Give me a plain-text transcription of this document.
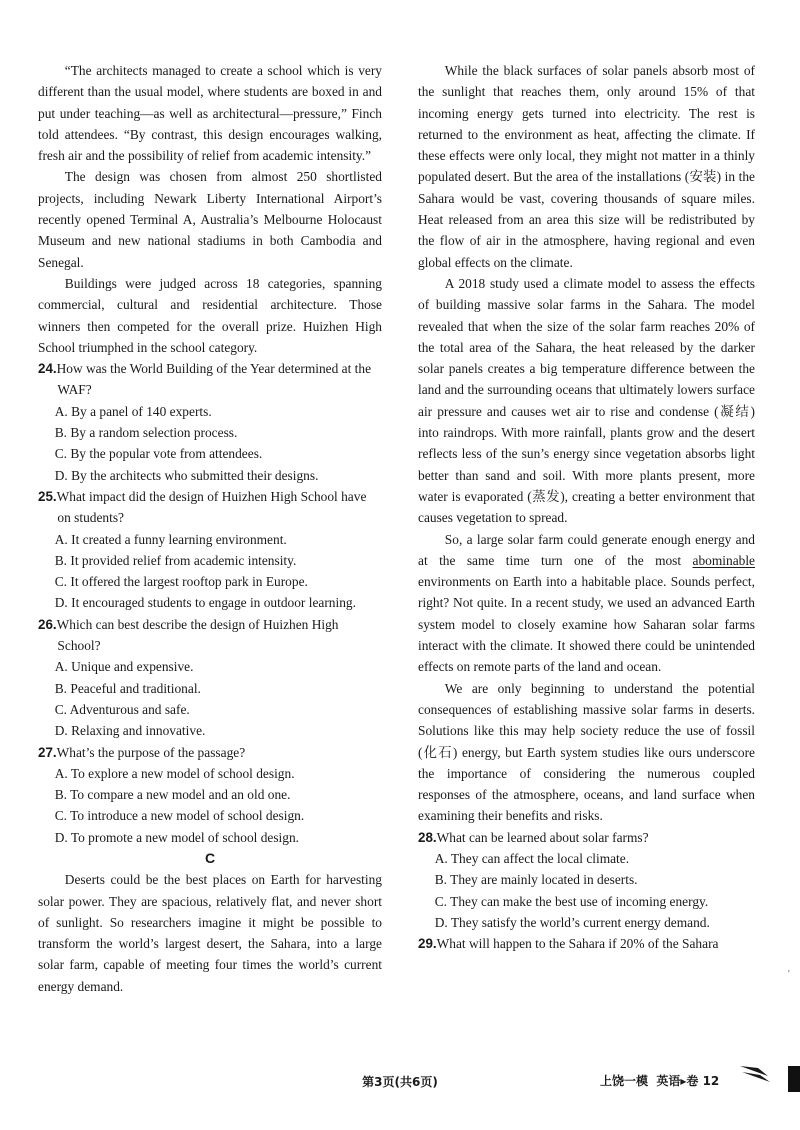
“The architects managed to create a school which is very different than the usual model, where students are boxed in and put under teaching—as well as architectural—pressure,” Finch told attendees. “By contrast, this design encourages walking, fresh air and the possibility of relief from academic intensity.”

The design was chosen from almost 250 shortlisted projects, including Newark Liberty International Airport’s recently opened Terminal A, Australia’s Melbourne Holocaust Museum and new national stadiums in both Cambodia and Senegal.

Buildings were judged across 18 categories, spanning commercial, cultural and residential architecture. Those winners then competed for the overall prize. Huizhen High School triumphed in the school category.

24.How was the World Building of the Year determined at the WAF?

A. By a panel of 140 experts.

B. By a random selection process.

C. By the popular vote from attendees.

D. By the architects who submitted their designs.

25.What impact did the design of Huizhen High School have on students?

A. It created a funny learning environment.

B. It provided relief from academic intensity.

C. It offered the largest rooftop park in Europe.

D. It encouraged students to engage in outdoor learning.

26.Which can best describe the design of Huizhen High School?

A. Unique and expensive.

B. Peaceful and traditional.

C. Adventurous and safe.

D. Relaxing and innovative.

27.What’s the purpose of the passage?

A. To explore a new model of school design.

B. To compare a new model and an old one.

C. To introduce a new model of school design.

D. To promote a new model of school design.

C

Deserts could be the best places on Earth for harvesting solar power. They are spacious, relatively flat, and never short of sunlight. So researchers imagine it might be possible to transform the world’s largest desert, the Sahara, into a large solar farm, capable of meeting four times the world’s current energy demand.

While the black surfaces of solar panels absorb most of the sunlight that reaches them, only around 15% of that incoming energy gets turned into electricity. The rest is returned to the environment as heat, affecting the climate. If these effects were only local, they might not matter in a thinly populated desert. But the area of the installations (安装) in the Sahara would be vast, covering thousands of square miles. Heat released from an area this size will be redistributed by the flow of air in the atmosphere, having regional and even global effects on the climate.

A 2018 study used a climate model to assess the effects of building massive solar farms in the Sahara. The model revealed that when the size of the solar farm reaches 20% of the total area of the Sahara, the heat released by the darker solar panels creates a big temperature difference between the land and the surrounding oceans that ultimately lowers surface air pressure and causes wet air to rise and condense (凝结) into raindrops. With more rainfall, plants grow and the desert reflects less of the sun’s energy since vegetation absorbs light better than sand and soil. With more plants present, more water is evaporated (蒸发), creating a better environment that causes vegetation to spread.

So, a large solar farm could generate enough energy and at the same time turn one of the most abominable environments on Earth into a habitable place. Sounds perfect, right? Not quite. In a recent study, we used an advanced Earth system model to closely examine how Saharan solar farms interact with the climate. It showed there could be unintended effects on remote parts of the land and ocean.

We are only beginning to understand the potential consequences of establishing massive solar farms in deserts. Solutions like this may help society reduce the use of fossil (化石) energy, but Earth system studies like ours underscore the importance of considering the numerous coupled responses of the atmosphere, oceans, and land surface when examining their benefits and risks.

28.What can be learned about solar farms?

A. They can affect the local climate.

B. They are mainly located in deserts.

C. They can make the best use of incoming energy.

D. They satisfy the world’s current energy demand.

29.What will happen to the Sahara if 20% of the Sahara

'
第3页(共6页)	上饶一模 英语▸卷 12
